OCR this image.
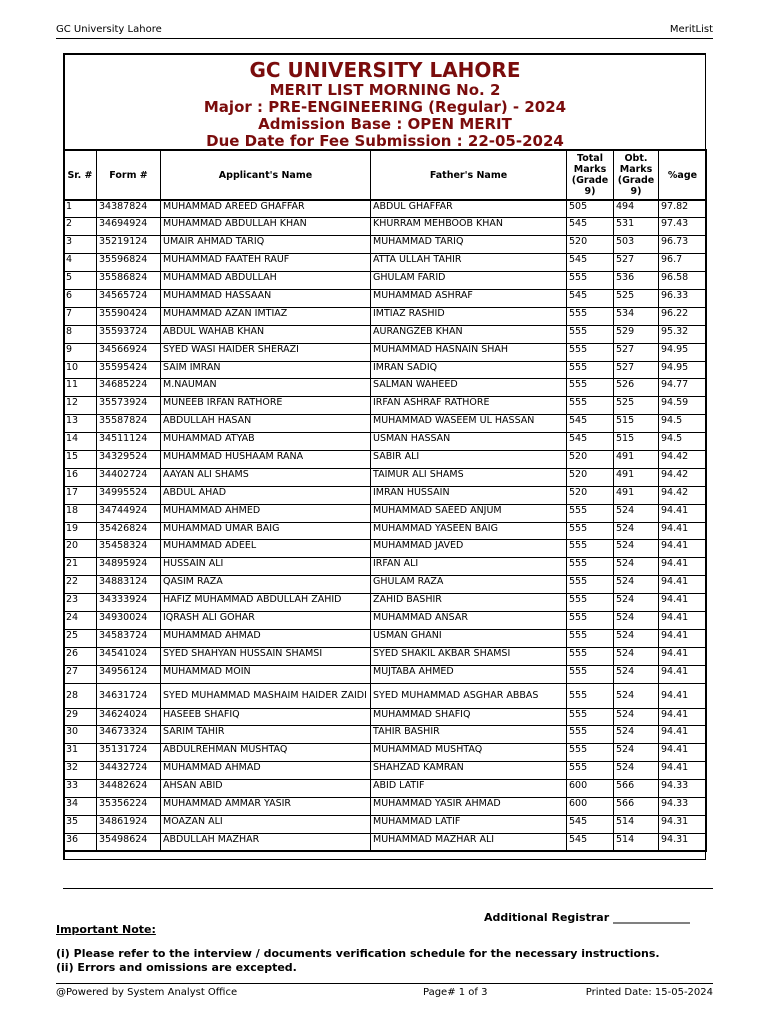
GC University Lahore	MeritList
GC UNIVERSITY LAHORE
MERIT LIST MORNING No. 2
Major : PRE-ENGINEERING (Regular) - 2024
Admission Base : OPEN MERIT
Due Date for Fee Submission : 22-05-2024
Sr. #	Form #	Applicant's Name	Father's Name	Total Marks (Grade 9)	Obt. Marks (Grade 9)	%age
1	34387824	MUHAMMAD AREED GHAFFAR	ABDUL GHAFFAR	505	494	97.82
2	34694924	MUHAMMAD ABDULLAH KHAN	KHURRAM MEHBOOB KHAN	545	531	97.43
3	35219124	UMAIR AHMAD TARIQ	MUHAMMAD TARIQ	520	503	96.73
4	35596824	MUHAMMAD FAATEH RAUF	ATTA ULLAH TAHIR	545	527	96.7
5	35586824	MUHAMMAD ABDULLAH	GHULAM FARID	555	536	96.58
6	34565724	MUHAMMAD HASSAAN	MUHAMMAD ASHRAF	545	525	96.33
7	35590424	MUHAMMAD AZAN IMTIAZ	IMTIAZ RASHID	555	534	96.22
8	35593724	ABDUL WAHAB KHAN	AURANGZEB KHAN	555	529	95.32
9	34566924	SYED WASI HAIDER SHERAZI	MUHAMMAD HASNAIN SHAH	555	527	94.95
10	35595424	SAIM IMRAN	IMRAN SADIQ	555	527	94.95
11	34685224	M.NAUMAN	SALMAN WAHEED	555	526	94.77
12	35573924	MUNEEB IRFAN RATHORE	IRFAN ASHRAF RATHORE	555	525	94.59
13	35587824	ABDULLAH HASAN	MUHAMMAD WASEEM UL HASSAN	545	515	94.5
14	34511124	MUHAMMAD ATYAB	USMAN HASSAN	545	515	94.5
15	34329524	MUHAMMAD HUSHAAM RANA	SABIR ALI	520	491	94.42
16	34402724	AAYAN ALI SHAMS	TAIMUR ALI SHAMS	520	491	94.42
17	34995524	ABDUL AHAD	IMRAN HUSSAIN	520	491	94.42
18	34744924	MUHAMMAD AHMED	MUHAMMAD SAEED ANJUM	555	524	94.41
19	35426824	MUHAMMAD UMAR BAIG	MUHAMMAD YASEEN BAIG	555	524	94.41
20	35458324	MUHAMMAD ADEEL	MUHAMMAD JAVED	555	524	94.41
21	34895924	HUSSAIN ALI	IRFAN ALI	555	524	94.41
22	34883124	QASIM RAZA	GHULAM RAZA	555	524	94.41
23	34333924	HAFIZ MUHAMMAD ABDULLAH ZAHID	ZAHID BASHIR	555	524	94.41
24	34930024	IQRASH ALI GOHAR	MUHAMMAD ANSAR	555	524	94.41
25	34583724	MUHAMMAD AHMAD	USMAN GHANI	555	524	94.41
26	34541024	SYED SHAHYAN HUSSAIN SHAMSI	SYED SHAKIL AKBAR SHAMSI	555	524	94.41
27	34956124	MUHAMMAD MOIN	MUJTABA AHMED	555	524	94.41
28	34631724	SYED MUHAMMAD MASHAIM HAIDER ZAIDI	SYED MUHAMMAD ASGHAR ABBAS	555	524	94.41
29	34624024	HASEEB SHAFIQ	MUHAMMAD SHAFIQ	555	524	94.41
30	34673324	SARIM TAHIR	TAHIR BASHIR	555	524	94.41
31	35131724	ABDULREHMAN MUSHTAQ	MUHAMMAD MUSHTAQ	555	524	94.41
32	34432724	MUHAMMAD AHMAD	SHAHZAD KAMRAN	555	524	94.41
33	34482624	AHSAN ABID	ABID LATIF	600	566	94.33
34	35356224	MUHAMMAD AMMAR YASIR	MUHAMMAD YASIR AHMAD	600	566	94.33
35	34861924	MOAZAN ALI	MUHAMMAD LATIF	545	514	94.31
36	35498624	ABDULLAH MAZHAR	MUHAMMAD MAZHAR ALI	545	514	94.31
Additional Registrar ______________
Important Note:
(i) Please refer to the interview / documents verification schedule for the necessary instructions.
(ii) Errors and omissions are excepted.
@Powered by System Analyst Office	Page# 1 of 3	Printed Date: 15-05-2024
